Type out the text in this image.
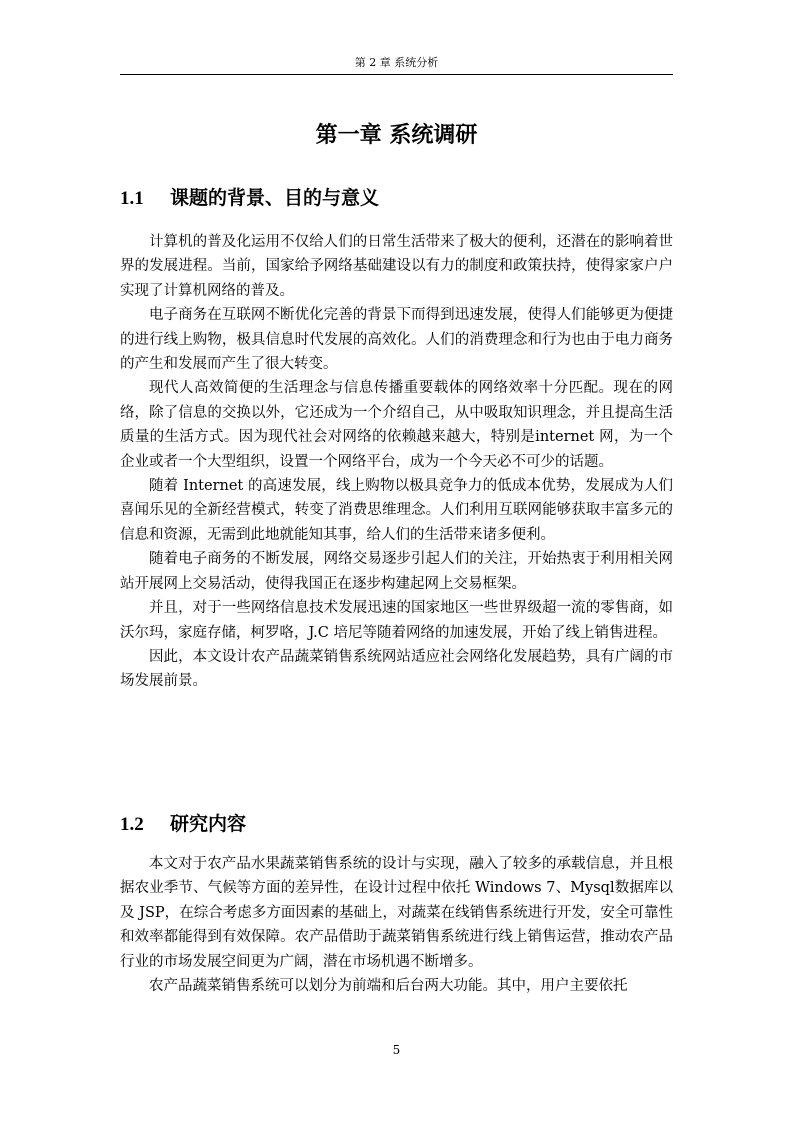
第 2 章 系统分析
第一章 系统调研
1.1 课题的背景、目的与意义

计算机的普及化运用不仅给人们的日常生活带来了极大的便利，还潜在的影响着世界的发展进程。当前，国家给予网络基础建设以有力的制度和政策扶持，使得家家户户实现了计算机网络的普及。

电子商务在互联网不断优化完善的背景下而得到迅速发展，使得人们能够更为便捷的进行线上购物，极具信息时代发展的高效化。人们的消费理念和行为也由于电力商务的产生和发展而产生了很大转变。

现代人高效简便的生活理念与信息传播重要载体的网络效率十分匹配。现在的网络，除了信息的交换以外，它还成为一个介绍自己，从中吸取知识理念，并且提高生活质量的生活方式。因为现代社会对网络的依赖越来越大，特别是internet 网，为一个企业或者一个大型组织，设置一个网络平台，成为一个今天必不可少的话题。

随着 Internet 的高速发展，线上购物以极具竞争力的低成本优势，发展成为人们喜闻乐见的全新经营模式，转变了消费思维理念。人们利用互联网能够获取丰富多元的信息和资源，无需到此地就能知其事，给人们的生活带来诸多便利。

随着电子商务的不断发展，网络交易逐步引起人们的关注，开始热衷于利用相关网站开展网上交易活动，使得我国正在逐步构建起网上交易框架。

并且，对于一些网络信息技术发展迅速的国家地区一些世界级超一流的零售商，如沃尔玛，家庭存储，柯罗咯，J.C 培尼等随着网络的加速发展，开始了线上销售进程。

因此，本文设计农产品蔬菜销售系统网站适应社会网络化发展趋势，具有广阔的市场发展前景。

1.2 研究内容

本文对于农产品水果蔬菜销售系统的设计与实现，融入了较多的承载信息，并且根据农业季节、气候等方面的差异性，在设计过程中依托 Windows 7、Mysql数据库以及 JSP，在综合考虑多方面因素的基础上，对蔬菜在线销售系统进行开发，安全可靠性和效率都能得到有效保障。农产品借助于蔬菜销售系统进行线上销售运营，推动农产品行业的市场发展空间更为广阔，潜在市场机遇不断增多。

农产品蔬菜销售系统可以划分为前端和后台两大功能。其中，用户主要依托

5
